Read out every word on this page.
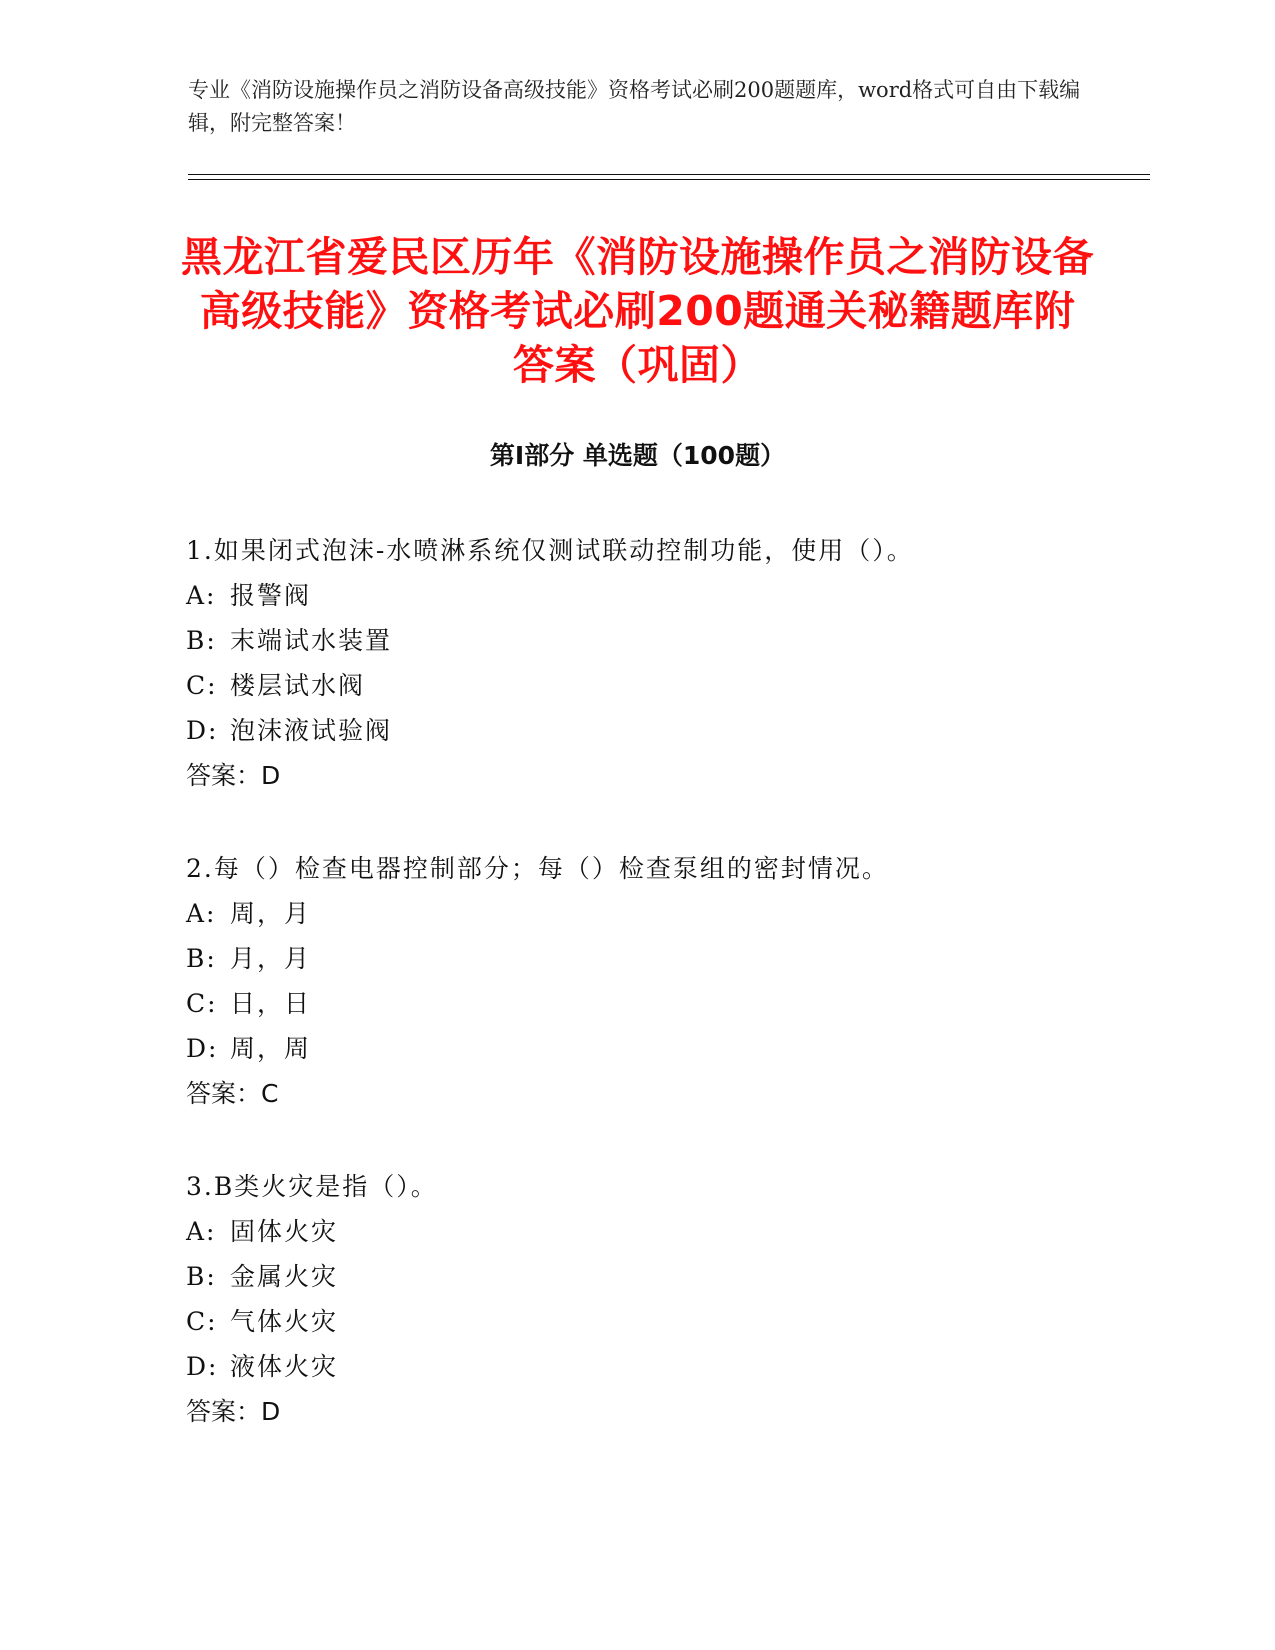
专业《消防设施操作员之消防设备高级技能》资格考试必刷200题题库，word格式可自由下载编辑，附完整答案！

黑龙江省爱民区历年《消防设施操作员之消防设备高级技能》资格考试必刷200题通关秘籍题库附答案（巩固）
第Ⅰ部分 单选题（100题）
1.如果闭式泡沫-水喷淋系统仅测试联动控制功能，使用（）。
A: 报警阀
B: 末端试水装置
C: 楼层试水阀
D: 泡沫液试验阀
答案：D
2.每（）检查电器控制部分；每（）检查泵组的密封情况。
A: 周，月
B: 月，月
C: 日，日
D: 周，周
答案：C
3.B类火灾是指（）。
A: 固体火灾
B: 金属火灾
C: 气体火灾
D: 液体火灾
答案：D
